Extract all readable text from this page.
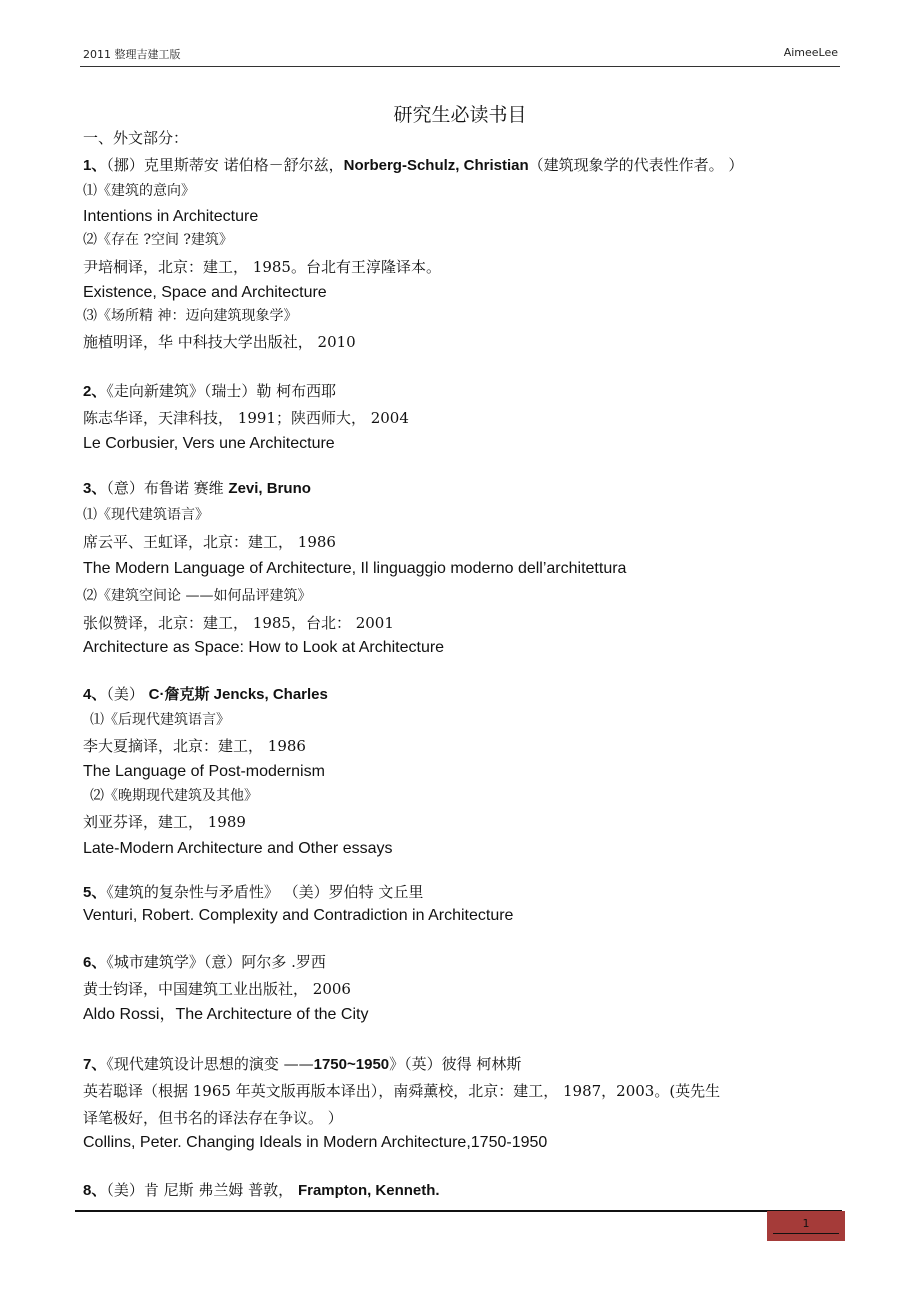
2011 整理吉建工版	AimeeLee
研究生必读书目
一、外文部分：
1、（挪）克里斯蒂安 诺伯格－舒尔兹，Norberg-Schulz, Christian（建筑现象学的代表性作者。 ）
⑴《建筑的意向》
Intentions in Architecture
⑵《存在 ?空间 ?建筑》
尹培桐译，北京：建工， 1985。台北有王淳隆译本。
Existence, Space and Architecture
⑶《场所精 神：迈向建筑现象学》
施植明译，华 中科技大学出版社， 2010
2、《走向新建筑》（瑞士）勒 柯布西耶
陈志华译，天津科技， 1991；陕西师大， 2004
Le Corbusier, Vers une Architecture
3、（意）布鲁诺 赛维 Zevi, Bruno
⑴《现代建筑语言》
席云平、王虹译，北京：建工， 1986
The Modern Language of Architecture, Il linguaggio moderno dell’architettura
⑵《建筑空间论 ——如何品评建筑》
张似赞译，北京：建工， 1985，台北： 2001
Architecture as Space: How to Look at Architecture
4、（美） C·詹克斯 Jencks, Charles
⑴《后现代建筑语言》
李大夏摘译，北京：建工， 1986
The Language of Post-modernism
⑵《晚期现代建筑及其他》
刘亚芬译，建工， 1989
Late-Modern Architecture and Other essays
5、《建筑的复杂性与矛盾性》 （美）罗伯特 文丘里
Venturi, Robert. Complexity and Contradiction in Architecture
6、《城市建筑学》（意）阿尔多 .罗西
黄士钧译，中国建筑工业出版社， 2006
Aldo Rossi，The Architecture of the City
7、《现代建筑设计思想的演变 ——1750~1950》（英）彼得 柯林斯
英若聪译（根据 1965 年英文版再版本译出），南舜薰校，北京：建工， 1987，2003。(英先生
译笔极好，但书名的译法存在争议。 ）
Collins, Peter. Changing Ideals in Modern Architecture,1750-1950
8、（美）肯 尼斯 弗兰姆 普敦， Frampton, Kenneth.
1
